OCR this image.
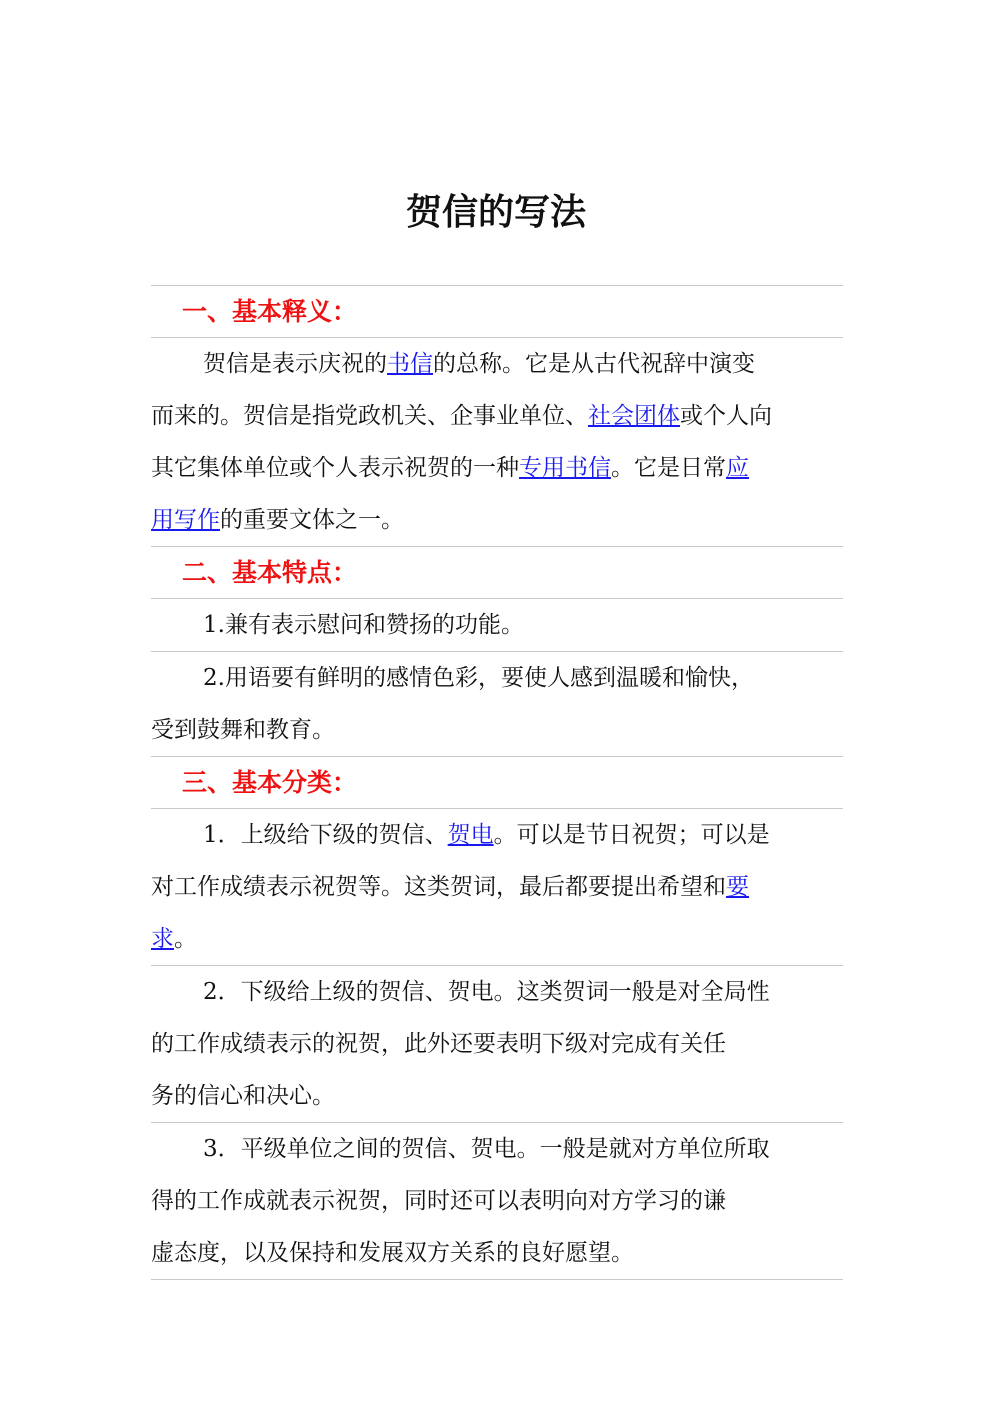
贺信的写法
一、基本释义：
贺信是表示庆祝的书信的总称。它是从古代祝辞中演变
而来的。贺信是指党政机关、企事业单位、社会团体或个人向
其它集体单位或个人表示祝贺的一种专用书信。它是日常应
用写作的重要文体之一。
二、基本特点：
1.兼有表示慰问和赞扬的功能。
2.用语要有鲜明的感情色彩，要使人感到温暖和愉快，
受到鼓舞和教育。
三、基本分类：
1．上级给下级的贺信、贺电。可以是节日祝贺；可以是
对工作成绩表示祝贺等。这类贺词，最后都要提出希望和要
求。
2．下级给上级的贺信、贺电。这类贺词一般是对全局性
的工作成绩表示的祝贺，此外还要表明下级对完成有关任
务的信心和决心。
3．平级单位之间的贺信、贺电。一般是就对方单位所取
得的工作成就表示祝贺，同时还可以表明向对方学习的谦
虚态度，以及保持和发展双方关系的良好愿望。
